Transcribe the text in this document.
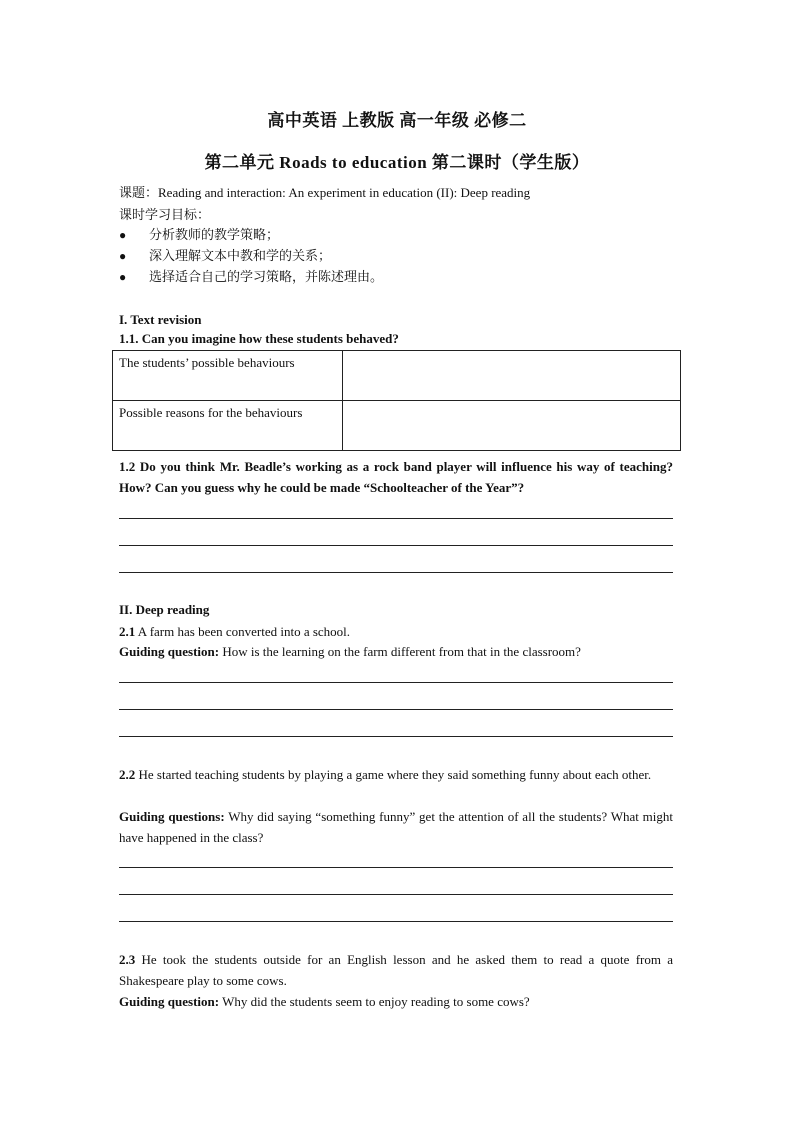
高中英语 上教版 高一年级 必修二
第二单元 Roads to education 第二课时（学生版）
课题：Reading and interaction: An experiment in education (II): Deep reading
课时学习目标：
● 分析教师的教学策略；
● 深入理解文本中教和学的关系；
● 选择适合自己的学习策略，并陈述理由。
I. Text revision
1.1. Can you imagine how these students behaved?
The students’ possible behaviours	
Possible reasons for the behaviours	
1.2 Do you think Mr. Beadle’s working as a rock band player will influence his way of teaching? How? Can you guess why he could be made “Schoolteacher of the Year”?
II. Deep reading
2.1 A farm has been converted into a school.
Guiding question: How is the learning on the farm different from that in the classroom?
2.2 He started teaching students by playing a game where they said something funny about each other.
Guiding questions: Why did saying “something funny” get the attention of all the students? What might have happened in the class?
2.3 He took the students outside for an English lesson and he asked them to read a quote from a Shakespeare play to some cows.
Guiding question: Why did the students seem to enjoy reading to some cows?
